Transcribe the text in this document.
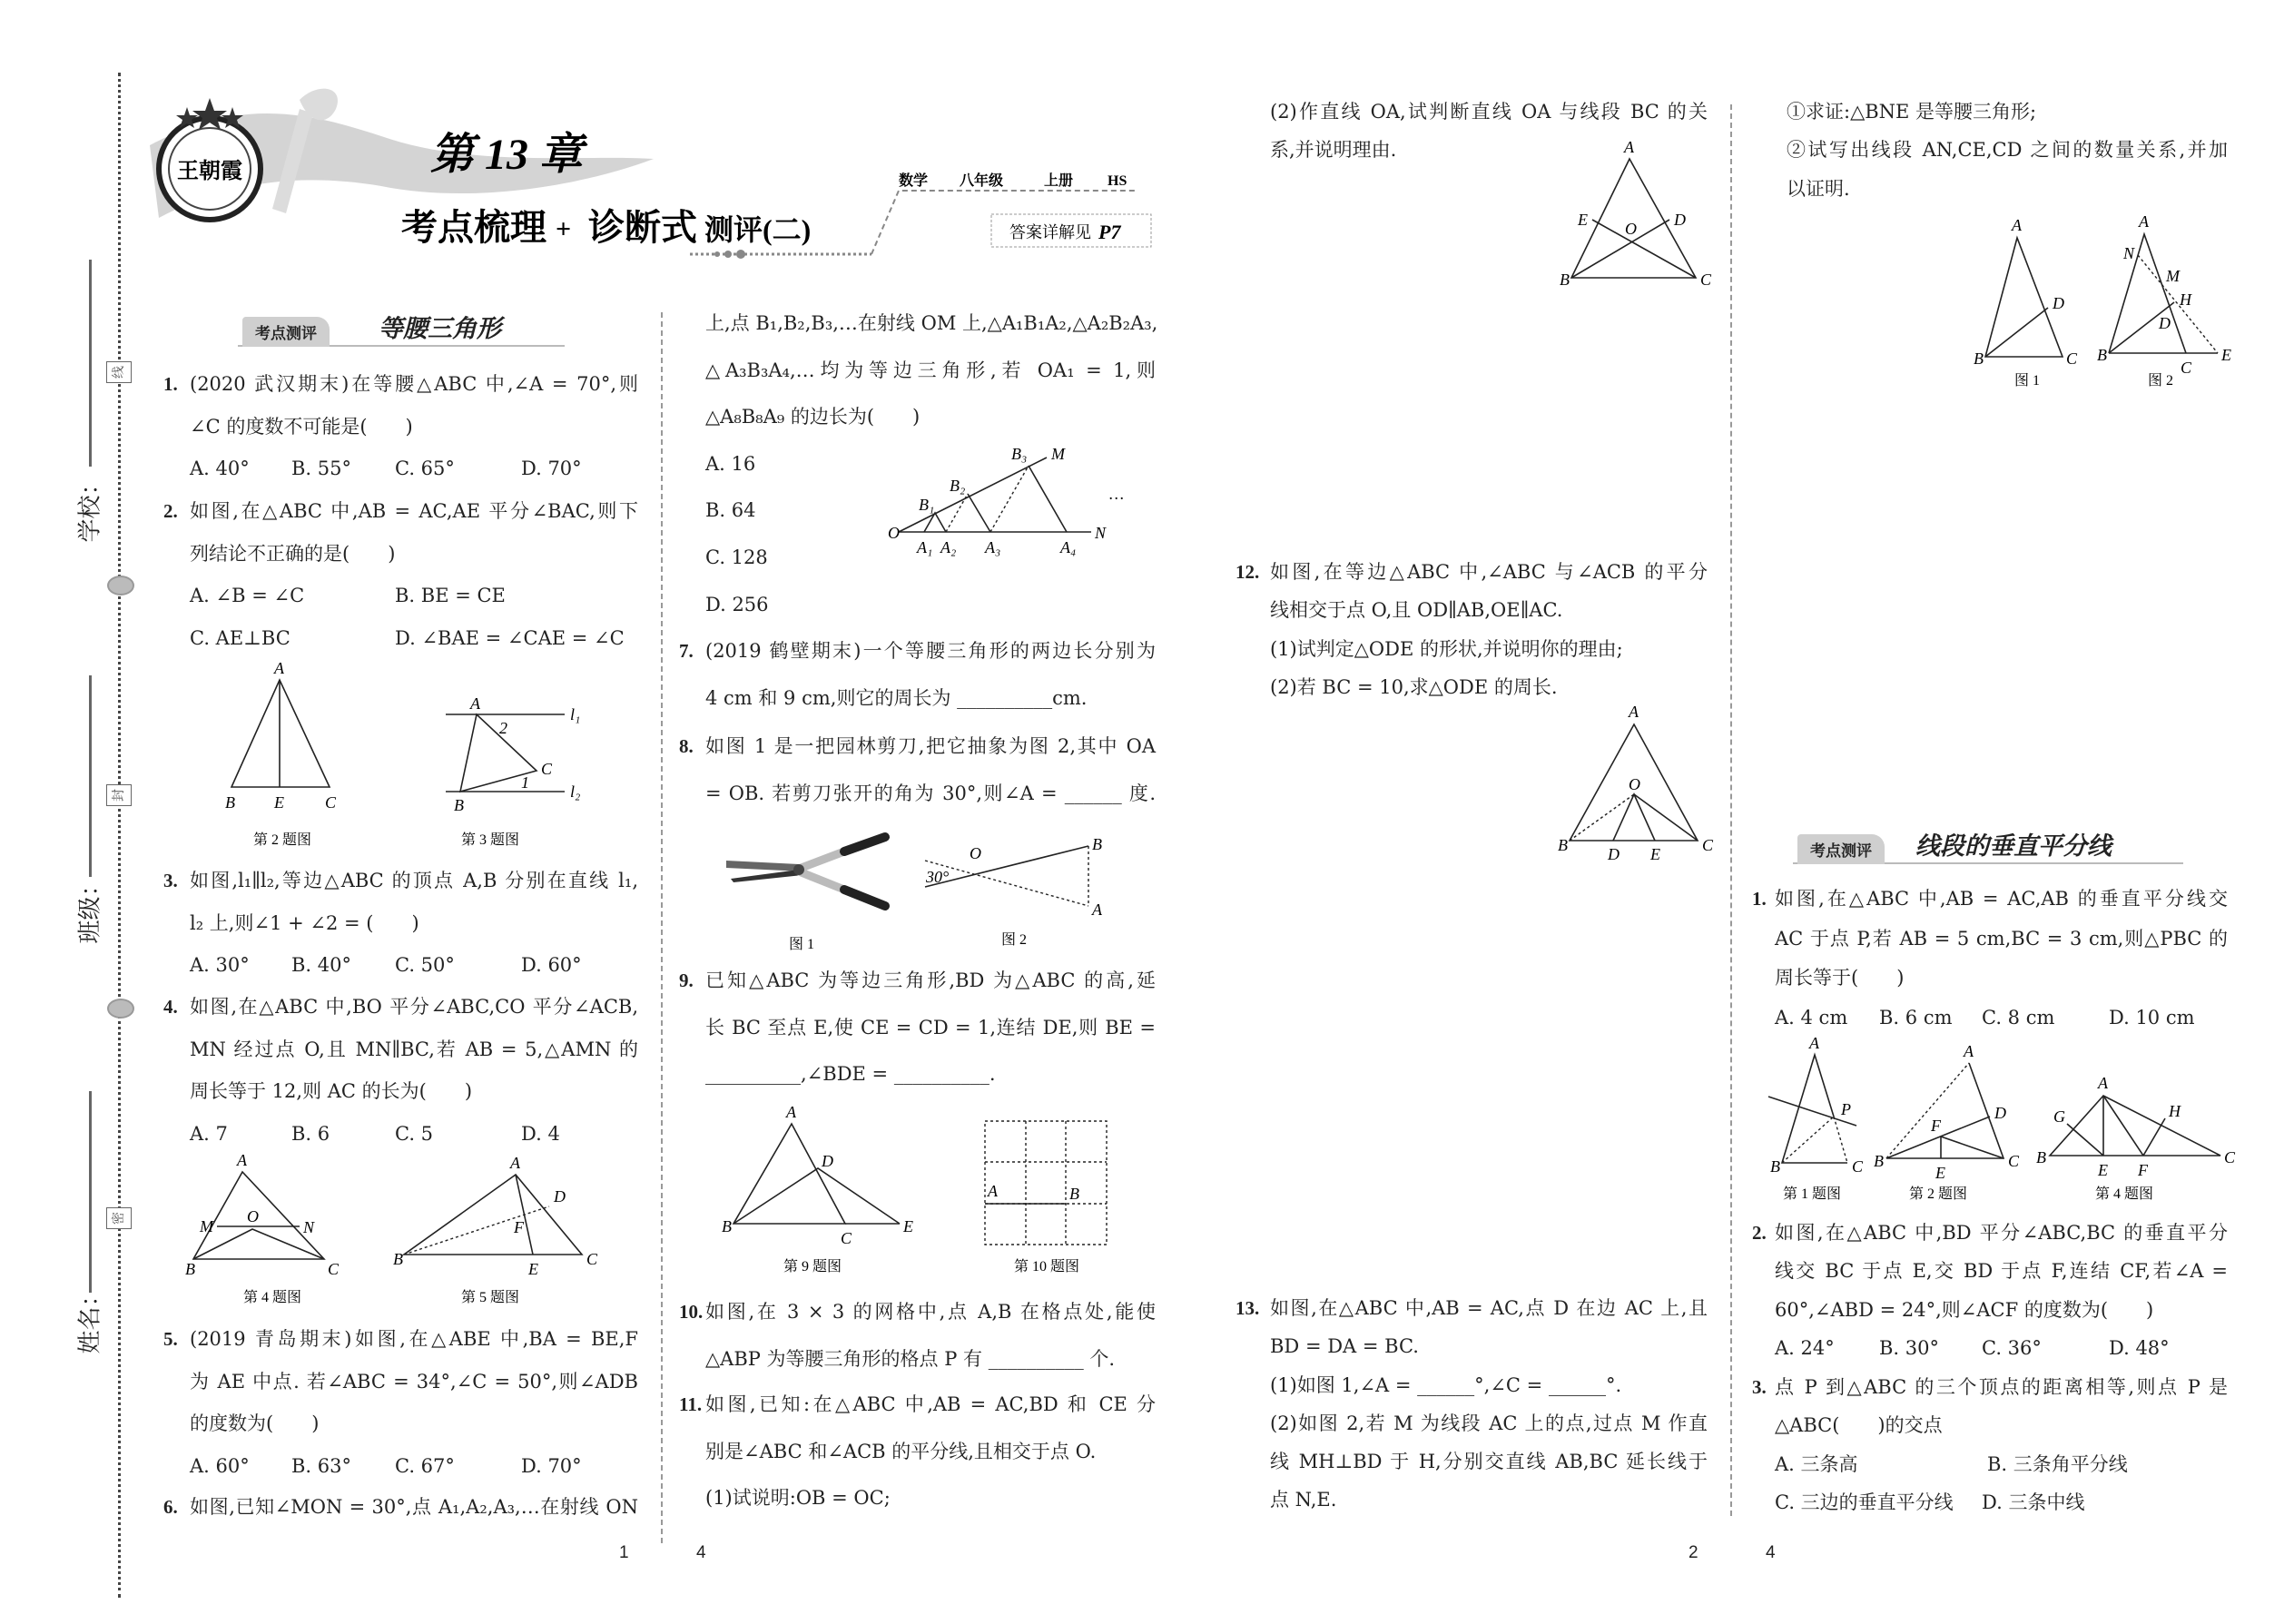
学校：
班级：
姓名：
线
封
密
王朝霞	第 13 章
考点梳理 + 诊断式 测评(二)
数学 八年级	上册 HS
答案详解见 P7
考点测评	等腰三角形
考点测评	线段的垂直平分线
1. (2020 武汉期末)在等腰△ABC 中,∠A = 70°,则
∠C 的度数不可能是(　　)
A. 40° B. 55° C. 65°	D. 70°
2. 如图,在△ABC 中,AB = AC,AE 平分∠BAC,则下
列结论不正确的是(　　)
A. ∠B = ∠C	B. BE = CE
C. AE⊥BC	D. ∠BAE = ∠CAE = ∠C
3. 如图,l₁∥l₂,等边△ABC 的顶点 A,B 分别在直线 l₁,
l₂ 上,则∠1 + ∠2 = (　　)
A. 30° B. 40° C. 50°	D. 60°
4. 如图,在△ABC 中,BO 平分∠ABC,CO 平分∠ACB,
MN 经过点 O,且 MN∥BC,若 AB = 5,△AMN 的
周长等于 12,则 AC 的长为(　　)
A. 7	B. 6	C. 5	D. 4
5. (2019 青岛期末)如图,在△ABE 中,BA = BE,F
为 AE 中点. 若∠ABC = 34°,∠C = 50°,则∠ADB
的度数为(　　)
A. 60° B. 63° C. 67°	D. 70°
6. 如图,已知∠MON = 30°,点 A₁,A₂,A₃,…在射线 ON
上,点 B₁,B₂,B₃,…在射线 OM 上,△A₁B₁A₂,△A₂B₂A₃,
△A₃B₃A₄,…均为等边三角形,若 OA₁ = 1,则
△A₈B₈A₉ 的边长为(　　)
A. 16
B. 64
C. 128
D. 256
7. (2019 鹤壁期末)一个等腰三角形的两边长分别为
4 cm 和 9 cm,则它的周长为 __________cm.
8. 如图 1 是一把园林剪刀,把它抽象为图 2,其中 OA
= OB. 若剪刀张开的角为 30°,则∠A = ______ 度.
9. 已知△ABC 为等边三角形,BD 为△ABC 的高,延
长 BC 至点 E,使 CE = CD = 1,连结 DE,则 BE =
__________,∠BDE = __________.
10. 如图,在 3 × 3 的网格中,点 A,B 在格点处,能使
△ABP 为等腰三角形的格点 P 有 __________ 个.
11. 如图,已知:在△ABC 中,AB = AC,BD 和 CE 分
别是∠ABC 和∠ACB 的平分线,且相交于点 O.
(1)试说明:OB = OC;
(2)作直线 OA,试判断直线 OA 与线段 BC 的关
系,并说明理由.
12. 如图,在等边△ABC 中,∠ABC 与∠ACB 的平分
线相交于点 O,且 OD∥AB,OE∥AC.
(1)试判定△ODE 的形状,并说明你的理由;
(2)若 BC = 10,求△ODE 的周长.
13. 如图,在△ABC 中,AB = AC,点 D 在边 AC 上,且
BD = DA = BC.
(1)如图 1,∠A = ______°,∠C = ______°.
(2)如图 2,若 M 为线段 AC 上的点,过点 M 作直
线 MH⊥BD 于 H,分别交直线 AB,BC 延长线于
点 N,E.
①求证:△BNE 是等腰三角形;
②试写出线段 AN,CE,CD 之间的数量关系,并加
以证明.
1. 如图,在△ABC 中,AB = AC,AB 的垂直平分线交
AC 于点 P,若 AB = 5 cm,BC = 3 cm,则△PBC 的
周长等于(　　)
A. 4 cm B. 6 cm C. 8 cm	D. 10 cm
2. 如图,在△ABC 中,BD 平分∠ABC,BC 的垂直平分
线交 BC 于点 E,交 BD 于点 F,连结 CF,若∠A =
60°,∠ABD = 24°,则∠ACF 的度数为(　　)
A. 24° B. 30° C. 36°	D. 48°
3. 点 P 到△ABC 的三个顶点的距离相等,则点 P 是
△ABC(　　)的交点
A. 三条高	B. 三条角平分线
C. 三边的垂直平分线 D. 三条中线
1	4	2	4
A
B E	C
第 2 题图
A
l₁
2
C
1	l₂
B
第 3 题图
A
M
O
N
B	C
第 4 题图
A
D
F
B
E
C
第 5 题图
O	N
M
A₁ A₂ A₃	A₄
B₁
B₂
B₃
…
图 1
O	B
A
30°
图 2
A
D
B
C
E
第 9 题图
A	B
第 10 题图
A
E O D
B	C
A
O
B D E	C
A
D
B	C
图 1
A
N
M
H
D
B
C
E
图 2
A
P
B	C
第 1 题图
A
D
F
B
E
C
第 2 题图
A
G	H
B
E F
C
第 4 题图
